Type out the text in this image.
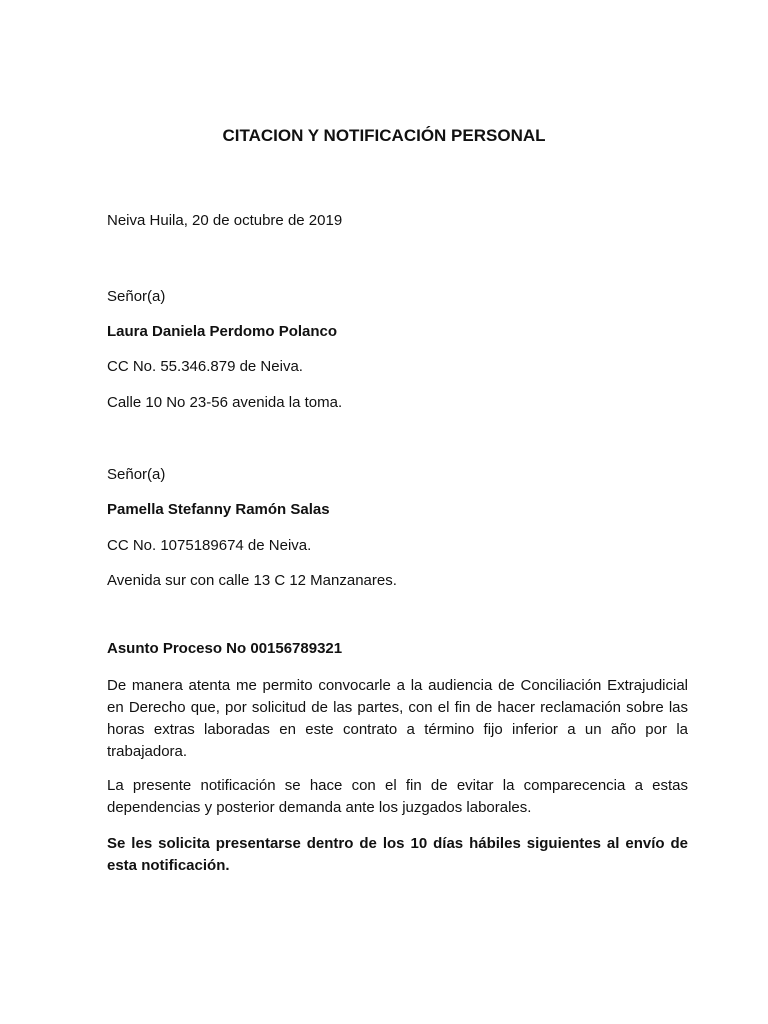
CITACION Y NOTIFICACIÓN PERSONAL
Neiva Huila, 20 de octubre de 2019
Señor(a)
Laura Daniela Perdomo Polanco
CC No. 55.346.879 de Neiva.
Calle 10 No 23-56 avenida la toma.
Señor(a)
Pamella Stefanny Ramón Salas
CC No. 1075189674 de Neiva.
Avenida sur con calle 13 C 12 Manzanares.
Asunto Proceso No 00156789321
De manera atenta me permito convocarle a la audiencia de Conciliación Extrajudicial en Derecho que, por solicitud de las partes, con el fin de hacer reclamación sobre las horas extras laboradas en este contrato a término fijo inferior a un año por la trabajadora.
La presente notificación se hace con el fin de evitar la comparecencia a estas dependencias y posterior demanda ante los juzgados laborales.
Se les solicita presentarse dentro de los 10 días hábiles siguientes al envío de esta notificación.
